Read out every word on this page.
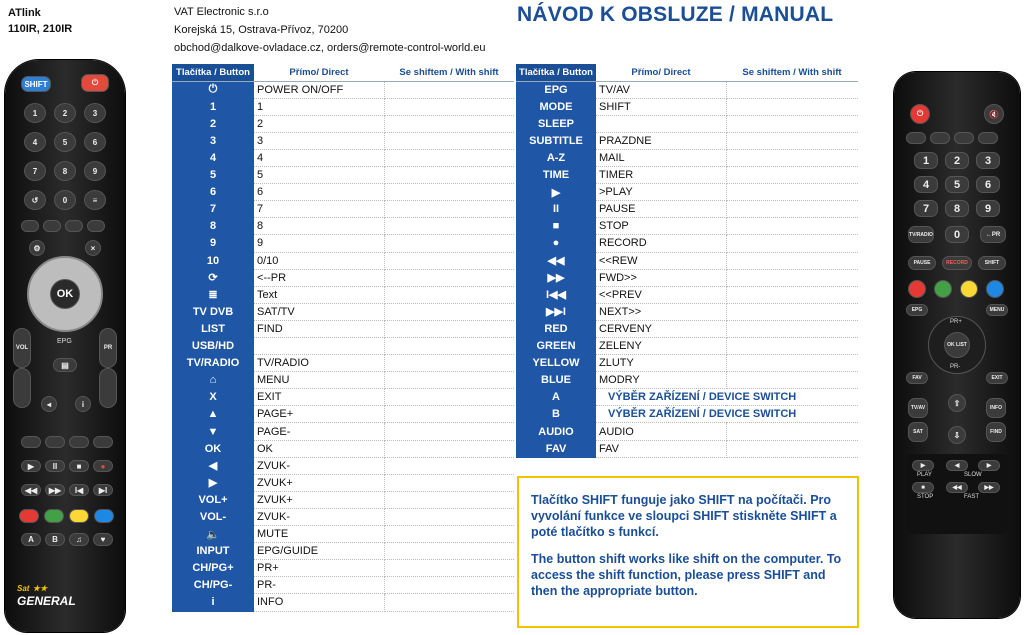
ATlink
110IR, 210IR
VAT Electronic s.r.o
Korejská 15, Ostrava-Přívoz, 70200
obchod@dalkove-ovladace.cz, orders@remote-control-world.eu
NÁVOD K OBSLUZE / MANUAL
SHIFT	⏻
1	2	3
4	5	6
7	8	9
↺	0	≡
⚙	×
OK
VOL	PR
EPG
▤
◂	i
▶	II	■	●
◀◀	▶▶	I◀	▶I
A	B	♫	♥
Sat ★★
GENERAL
Tlačítka / Button	Přímo/ Direct	Se shiftem / With shift
⏻	POWER ON/OFF	
1	1	
2	2	
3	3	
4	4	
5	5	
6	6	
7	7	
8	8	
9	9	
10	0/10	
⟳	<--PR	
≣	Text	
TV DVB	SAT/TV	
LIST	FIND	
USB/HD		
TV/RADIO	TV/RADIO	
⌂	MENU	
X	EXIT	
▲	PAGE+	
▼	PAGE-	
OK	OK	
◀	ZVUK-	
▶	ZVUK+	
VOL+	ZVUK+	
VOL-	ZVUK-	
🔈	MUTE	
INPUT	EPG/GUIDE	
CH/PG+	PR+	
CH/PG-	PR-	
i	INFO	
Tlačítka / Button	Přímo/ Direct	Se shiftem / With shift
EPG	TV/AV	
MODE	SHIFT	
SLEEP		
SUBTITLE	PRAZDNE	
A-Z	MAIL	
TIME	TIMER	
▶	>PLAY	
II	PAUSE	
■	STOP	
●	RECORD	
◀◀	<<REW	
▶▶	FWD>>	
I◀◀	<<PREV	
▶▶I	NEXT>>	
RED	CERVENY	
GREEN	ZELENY	
YELLOW	ZLUTY	
BLUE	MODRY	
A	VÝBĚR ZAŘÍZENÍ / DEVICE SWITCH	
B	VÝBĚR ZAŘÍZENÍ / DEVICE SWITCH	
AUDIO	AUDIO	
FAV	FAV	

Tlačítko SHIFT funguje jako SHIFT na počítači. Pro vyvolání funkce ve sloupci SHIFT stiskněte SHIFT a poté tlačítko s funkcí.

The button shift works like shift on the computer. To access the shift function, please press SHIFT and then the appropriate button.

⏻	🔇
1	2	3
4	5	6
7	8	9
TV/RADIO	0	←PR
PAUSE	RECORD	SHIFT
EPG	MENU
PR+
PR-
OK LIST
FAV	EXIT
TV/AV
⇧
INFO
SAT	⇩	FIND
▶	◀	▶
PLAY	SLOW
■	◀◀	▶▶
STOP	FAST
